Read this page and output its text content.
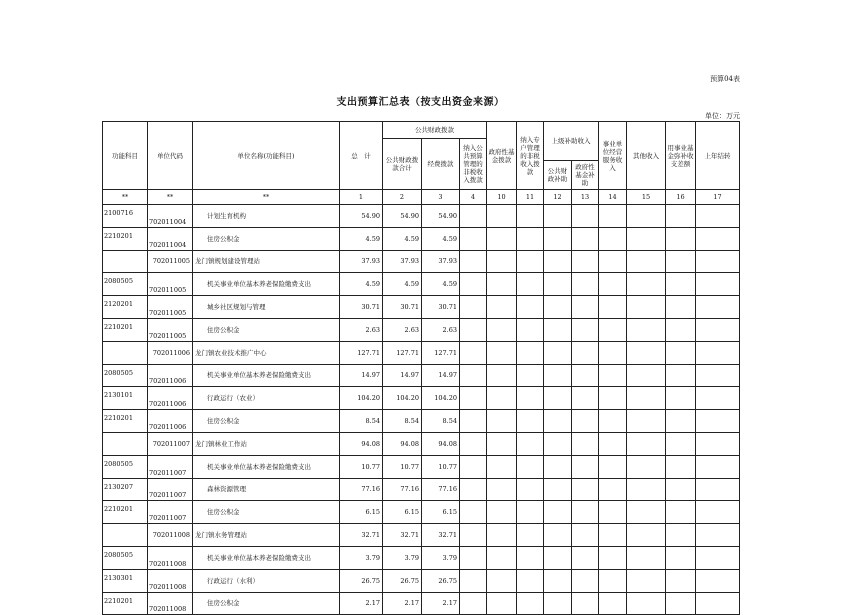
预算04表
支出预算汇总表（按支出资金来源）
单位：万元
功能科目	单位代码	单位名称(功能科目)	总　计	公共财政拨款			政府性基金拨款	纳入专户管理的非税收入拨款	上级补助收入		事业单位经营服务收入	其他收入	用事业基金弥补收支差额	上年结转
				公共财政拨款合计	经费拨款	纳入公共预算管理的非税收入拨款								
									公共财政补助	政府性基金补助				
**	**	**	1	2	3	4	10	11	12	13	14	15	16	17
2100716	702011004	计划生育机构	54.90	54.90	54.90									
2210201	702011004	住房公积金	4.59	4.59	4.59									
	702011005	龙门镇规划建设管理站	37.93	37.93	37.93									
2080505	702011005	机关事业单位基本养老保险缴费支出	4.59	4.59	4.59									
2120201	702011005	城乡社区规划与管理	30.71	30.71	30.71									
2210201	702011005	住房公积金	2.63	2.63	2.63									
	702011006	龙门镇农业技术推广中心	127.71	127.71	127.71									
2080505	702011006	机关事业单位基本养老保险缴费支出	14.97	14.97	14.97									
2130101	702011006	行政运行（农业）	104.20	104.20	104.20									
2210201	702011006	住房公积金	8.54	8.54	8.54									
	702011007	龙门镇林业工作站	94.08	94.08	94.08									
2080505	702011007	机关事业单位基本养老保险缴费支出	10.77	10.77	10.77									
2130207	702011007	森林资源管理	77.16	77.16	77.16									
2210201	702011007	住房公积金	6.15	6.15	6.15									
	702011008	龙门镇水务管理站	32.71	32.71	32.71									
2080505	702011008	机关事业单位基本养老保险缴费支出	3.79	3.79	3.79									
2130301	702011008	行政运行（水利）	26.75	26.75	26.75									
2210201	702011008	住房公积金	2.17	2.17	2.17									
